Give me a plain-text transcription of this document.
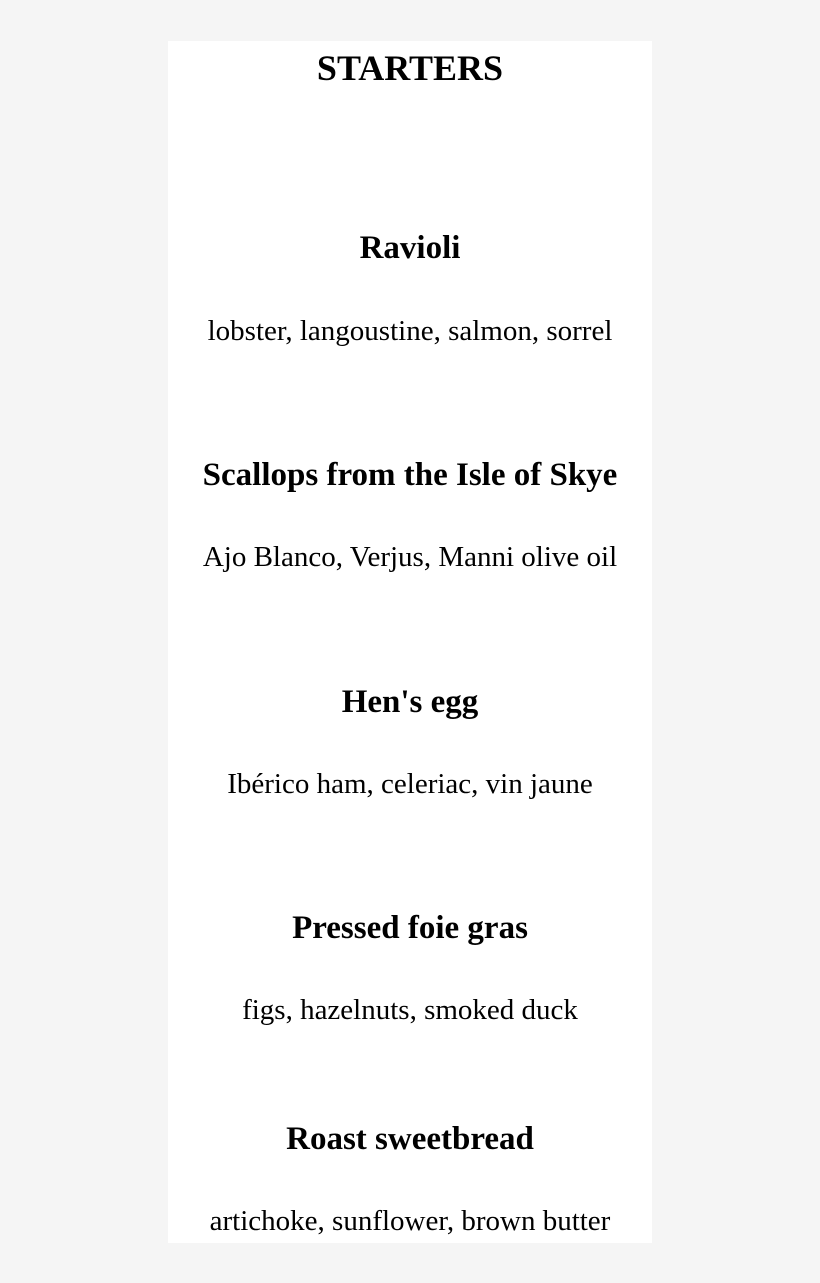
STARTERS
Ravioli
lobster, langoustine, salmon, sorrel
Scallops from the Isle of Skye
Ajo Blanco, Verjus, Manni olive oil
Hen's egg
Ibérico ham, celeriac, vin jaune
Pressed foie gras
figs, hazelnuts, smoked duck
Roast sweetbread
artichoke, sunflower, brown butter
